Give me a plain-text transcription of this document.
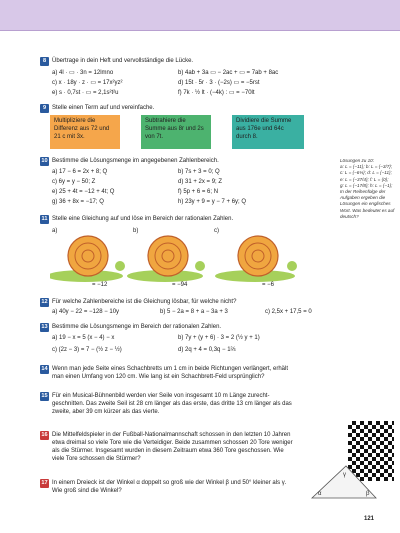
8 Übertrage in dein Heft und vervollständige die Lücke.
a) 4l · ▭ · 3n = 12lmno	b) 4ab + 3a ▭ − 2ac + ▭ = 7ab + 8ac
c) x · 18y · z · ▭ = 17x²yz²	d) 15t · 5r · 3 · (−2s) ▭ = −5rst
e) s · 0,7st · ▭ = 2,1s²t²u	f) 7k · ½ lt · (−4k) : ▭ = −70lt
9 Stelle einen Term auf und vereinfache.
Multipliziere die Differenz aus 72 und 21 c mit 3x.
Subtrahiere die Summe aus 8r und 2s von 7t.
Dividiere die Summe aus 176e und 64c durch 8.
10 Bestimme die Lösungsmenge im angegebenen Zahlenbereich.
a) 17 − 6 = 2x + 8; Q	b) 7s + 3 = 0; Q
c) 6y = y − 50; Z	d) 31 + 2x = 9; Z
e) 25 + 4t = −12 + 4t; Q	f) 5p + 6 = 6; N
g) 36 + 8x = −17; Q	h) 23y + 9 = y − 7 + 6y; Q
Lösungen zu 10:
a: L = {−11}; b: L = {−3/7};
c: L = {−6⅓}; d: L = {−11};
e: L = {−37/4}; f: L = {0};
g: L = {−17/8}; h: L = {−1};
In der Reihenfolge der
Aufgaben ergeben die
Lösungen ein englisches
Wort. Was bedeutet es auf
deutsch?
11 Stelle eine Gleichung auf und löse im Bereich der rationalen Zahlen.
a)	b)	c)
= −12	= −94	= −6
12 Für welche Zahlenbereiche ist die Gleichung lösbar, für welche nicht?
a) 40y − 22 = −128 − 10y	b) 5 − 2a = 8 + a − 3a + 3	c) 2,5x + 17,5 = 0
13 Bestimme die Lösungsmenge im Bereich der rationalen Zahlen.
a) 19 − x = 5 (x − 4) − x	b) 7y + (y + 6) · 3 = 2 (½ y + 1)
c) (2z − 3) = 7 − (½ z − ½)	d) 2q + 4 = 0,3q − 1⅔
14 Wenn man jede Seite eines Schachbretts um 1 cm in beide Richtungen verlängert, erhält
man einen Umfang von 120 cm. Wie lang ist ein Schachbrett-Feld ursprünglich?
15 Für ein Musical-Bühnenbild werden vier Seile von insgesamt 10 m Länge zurecht-
geschnitten. Das zweite Seil ist 28 cm länger als das erste, das dritte 13 cm länger als das
zweite, aber 39 cm kürzer als das vierte.
16 Die Mittelfeldspieler in der Fußball-Nationalmannschaft schossen in den letzten 10 Jahren
etwa dreimal so viele Tore wie die Verteidiger. Beide zusammen schossen 20 Tore weniger
als die Stürmer. Insgesamt wurden in diesem Zeitraum etwa 360 Tore geschossen. Wie
viele Tore schossen die Stürmer?
17 In einem Dreieck ist der Winkel α doppelt so groß wie der Winkel β und 50° kleiner als γ.
Wie groß sind die Winkel?
γ
α	β
121
